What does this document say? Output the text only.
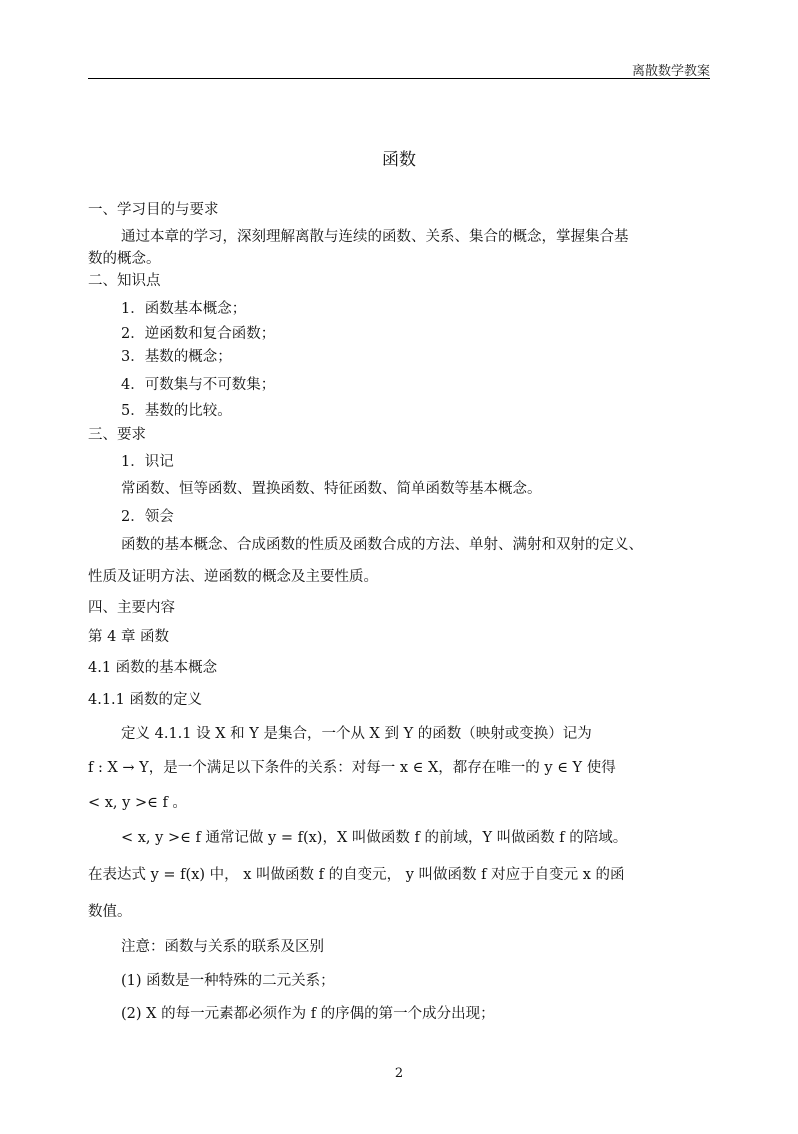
离散数学教案
函数
一、学习目的与要求
通过本章的学习，深刻理解离散与连续的函数、关系、集合的概念，掌握集合基
数的概念。
二、知识点
1．函数基本概念；
2．逆函数和复合函数；
3．基数的概念；
4．可数集与不可数集；
5．基数的比较。
三、要求
1．识记
常函数、恒等函数、置换函数、特征函数、简单函数等基本概念。
2．领会
函数的基本概念、合成函数的性质及函数合成的方法、单射、满射和双射的定义、
性质及证明方法、逆函数的概念及主要性质。
四、主要内容
第 4 章 函数
4.1 函数的基本概念
4.1.1 函数的定义
定义 4.1.1 设 X 和 Y 是集合，一个从 X 到 Y 的函数（映射或变换）记为
f : X → Y，是一个满足以下条件的关系：对每一 x ∈ X，都存在唯一的 y ∈ Y 使得
< x, y >∈ f 。
< x, y >∈ f 通常记做 y = f(x)，X 叫做函数 f 的前域，Y 叫做函数 f 的陪域。
在表达式 y = f(x) 中， x 叫做函数 f 的自变元， y 叫做函数 f 对应于自变元 x 的函
数值。
注意：函数与关系的联系及区别
(1) 函数是一种特殊的二元关系；
(2) X 的每一元素都必须作为 f 的序偶的第一个成分出现；
2
